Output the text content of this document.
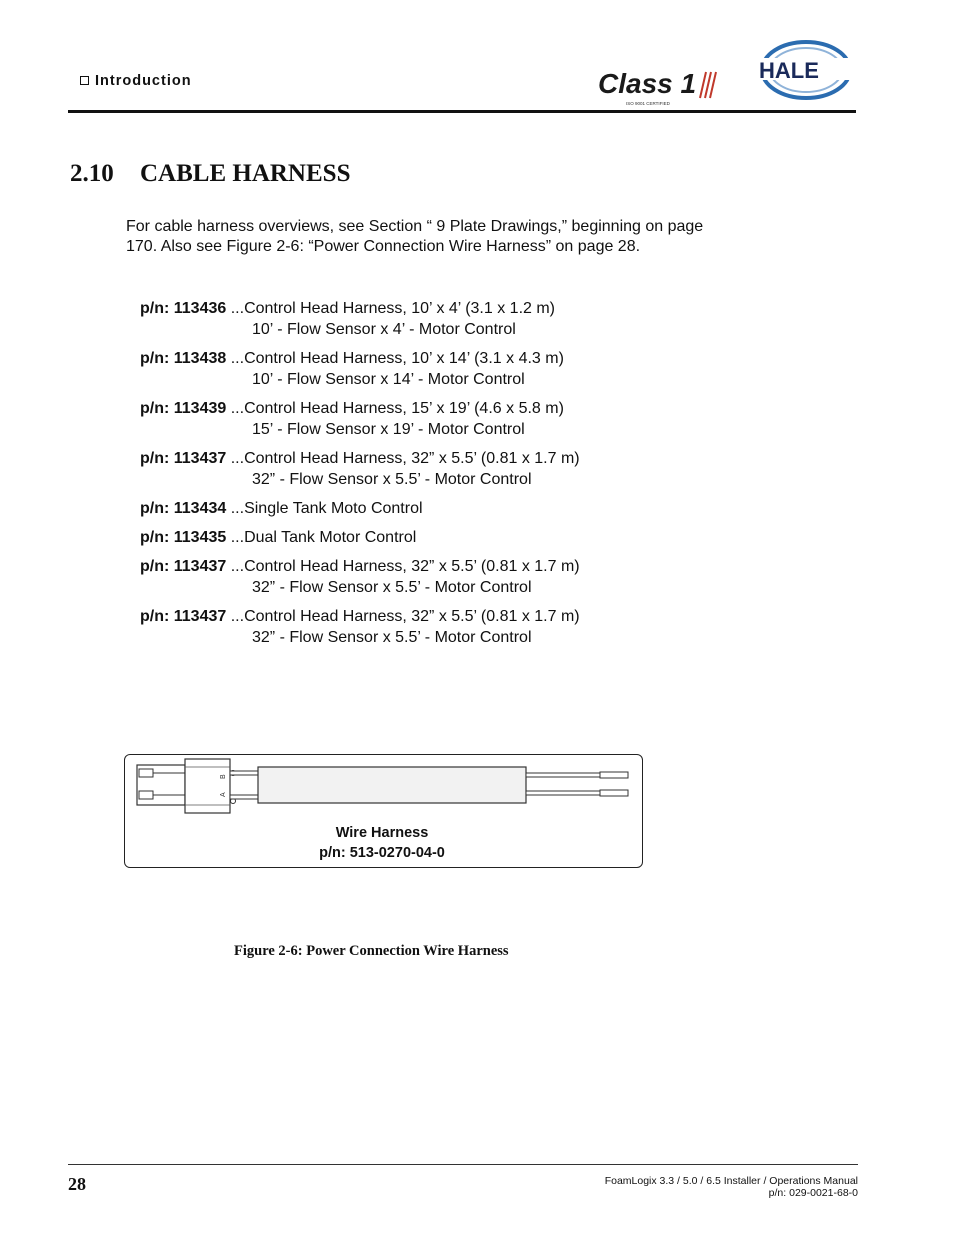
Introduction	Class 1
ISO 9001 CERTIFIED
HALE
2.10 CABLE HARNESS

For cable harness overviews, see Section “ 9 Plate Drawings,” beginning on page 170. Also see Figure 2-6: “Power Connection Wire Harness” on page 28.

p/n: 113436 ...Control Head Harness, 10’ x 4’ (3.1 x 1.2 m)
10’ - Flow Sensor x 4’ - Motor Control
p/n: 113438 ...Control Head Harness, 10’ x 14’ (3.1 x 4.3 m)
10’ - Flow Sensor x 14’ - Motor Control
p/n: 113439 ...Control Head Harness, 15’ x 19’ (4.6 x 5.8 m)
15’ - Flow Sensor x 19’ - Motor Control
p/n: 113437 ...Control Head Harness, 32” x 5.5’ (0.81 x 1.7 m)
32” - Flow Sensor x 5.5’ - Motor Control
p/n: 113434 ...Single Tank Moto Control
p/n: 113435 ...Dual Tank Motor Control
p/n: 113437 ...Control Head Harness, 32” x 5.5’ (0.81 x 1.7 m)
32” - Flow Sensor x 5.5’ - Motor Control
p/n: 113437 ...Control Head Harness, 32” x 5.5’ (0.81 x 1.7 m)
32” - Flow Sensor x 5.5’ - Motor Control
B
A
Wire Harness
p/n: 513-0270-04-0
Figure 2-6: Power Connection Wire Harness
28	FoamLogix 3.3 / 5.0 / 6.5 Installer / Operations Manual
p/n: 029-0021-68-0
